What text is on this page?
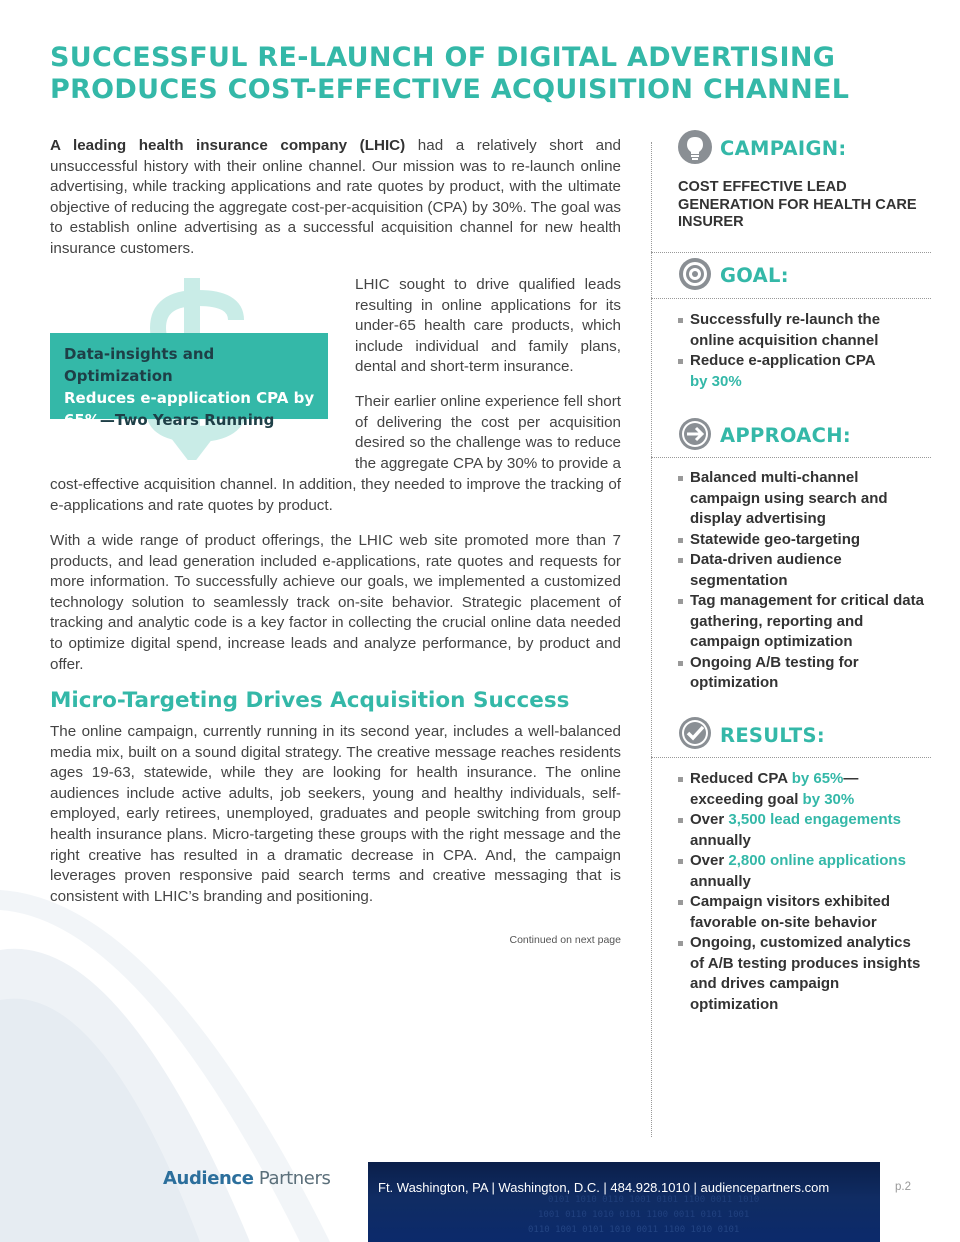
SUCCESSFUL RE-LAUNCH OF DIGITAL ADVERTISING
PRODUCES COST-EFFECTIVE ACQUISITION CHANNEL
A leading health insurance company (LHIC) had a relatively short and unsuccessful history with their online channel. Our mission was to re-launch online advertising, while tracking applications and rate quotes by product, with the ultimate objective of reducing the aggregate cost-per-acquisition (CPA) by 30%. The goal was to establish online advertising as a successful acquisition channel for new health insurance customers.
Data-insights and Optimization
Reduces e-application CPA by
65%—Two Years Running
LHIC sought to drive qualified leads resulting in online applications for its under-65 health care products, which include individual and family plans, dental and short-term insurance.
Their earlier online experience fell short of delivering the cost per acquisition desired so the challenge was to reduce the aggregate CPA by 30% to provide a
cost-effective acquisition channel. In addition, they needed to improve the tracking of e-applications and rate quotes by product.
With a wide range of product offerings, the LHIC web site promoted more than 7 products, and lead generation included e-applications, rate quotes and requests for more information. To successfully achieve our goals, we implemented a customized technology solution to seamlessly track on-site behavior. Strategic placement of tracking and analytic code is a key factor in collecting the crucial online data needed to optimize digital spend, increase leads and analyze performance, by product and offer.
Micro-Targeting Drives Acquisition Success
The online campaign, currently running in its second year, includes a well-balanced media mix, built on a sound digital strategy. The creative message reaches residents ages 19-63, statewide, while they are looking for health insurance. The online audiences include active adults, job seekers, young and healthy individuals, self-employed, early retirees, unemployed, graduates and people switching from group health insurance plans. Micro-targeting these groups with the right message and the right creative has resulted in a dramatic decrease in CPA. And, the campaign leverages proven responsive paid search terms and creative messaging that is consistent with LHIC’s branding and positioning.
Continued on next page
CAMPAIGN:
COST EFFECTIVE LEAD GENERATION FOR HEALTH CARE INSURER
GOAL:
Successfully re-launch the online acquisition channel
Reduce e-application CPA
by 30%
APPROACH:
Balanced multi-channel campaign using search and display advertising
Statewide geo-targeting
Data-driven audience segmentation
Tag management for critical data gathering, reporting and campaign optimization
Ongoing A/B testing for optimization
RESULTS:
Reduced CPA by 65%—exceeding goal by 30%
Over 3,500 lead engagements annually
Over 2,800 online applications annually
Campaign visitors exhibited favorable on-site behavior
Ongoing, customized analytics of A/B testing produces insights and drives campaign optimization
0101 1010 0110 1001 0101 1100 0011 1010
1001 0110 1010 0101 1100 0011 0101 1001
0110 1001 0101 1010 0011 1100 1010 0101
Audience Partners	Ft. Washington, PA | Washington, D.C. | 484.928.1010 | audiencepartners.com	p.2
